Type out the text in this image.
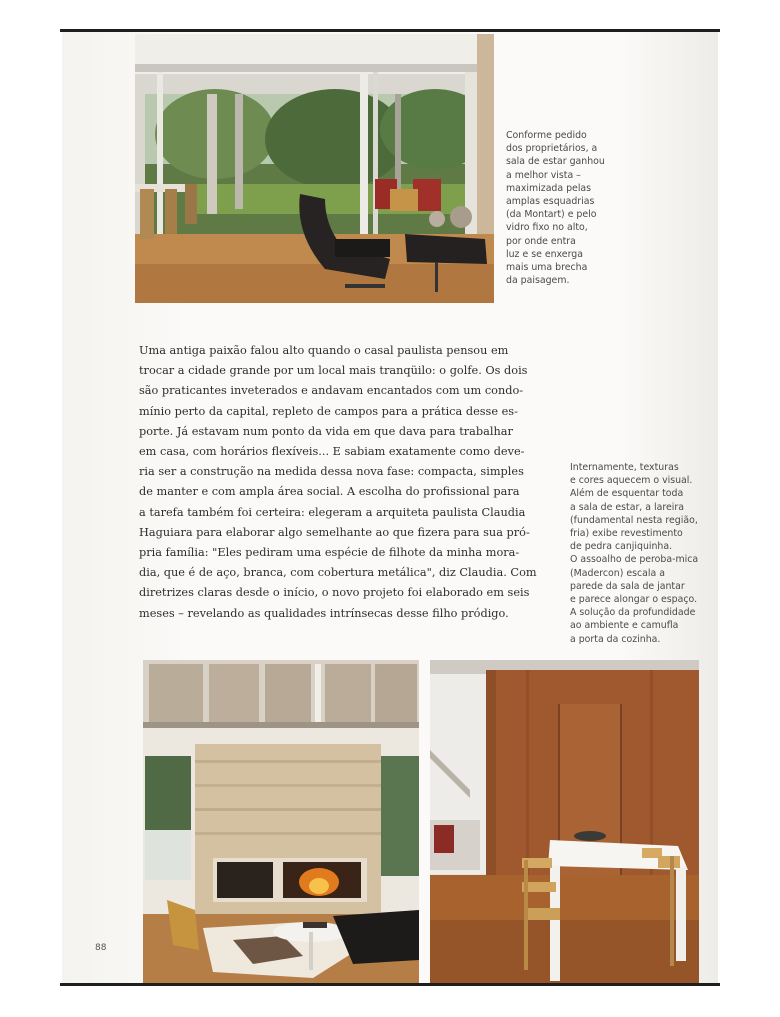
Conforme pedido
dos proprietários, a
sala de estar ganhou
a melhor vista –
maximizada pelas
amplas esquadrias
(da Montart) e pelo
vidro fixo no alto,
por onde entra
luz e se enxerga
mais uma brecha
da paisagem.
Uma antiga paixão falou alto quando o casal paulista pensou em
trocar a cidade grande por um local mais tranqüilo: o golfe. Os dois
são praticantes inveterados e andavam encantados com um condo-
mínio perto da capital, repleto de campos para a prática desse es-
porte. Já estavam num ponto da vida em que dava para trabalhar
em casa, com horários flexíveis... E sabiam exatamente como deve-
ria ser a construção na medida dessa nova fase: compacta, simples
de manter e com ampla área social. A escolha do profissional para
a tarefa também foi certeira: elegeram a arquiteta paulista Claudia
Haguiara para elaborar algo semelhante ao que fizera para sua pró-
pria família: "Eles pediram uma espécie de filhote da minha mora-
dia, que é de aço, branca, com cobertura metálica", diz Claudia. Com
diretrizes claras desde o início, o novo projeto foi elaborado em seis
meses – revelando as qualidades intrínsecas desse filho pródigo.
Internamente, texturas
e cores aquecem o visual.
Além de esquentar toda
a sala de estar, a lareira
(fundamental nesta região,
fria) exibe revestimento
de pedra canjiquinha.
O assoalho de peroba-mica
(Madercon) escala a
parede da sala de jantar
e parece alongar o espaço.
A solução da profundidade
ao ambiente e camufla
a porta da cozinha.
88
